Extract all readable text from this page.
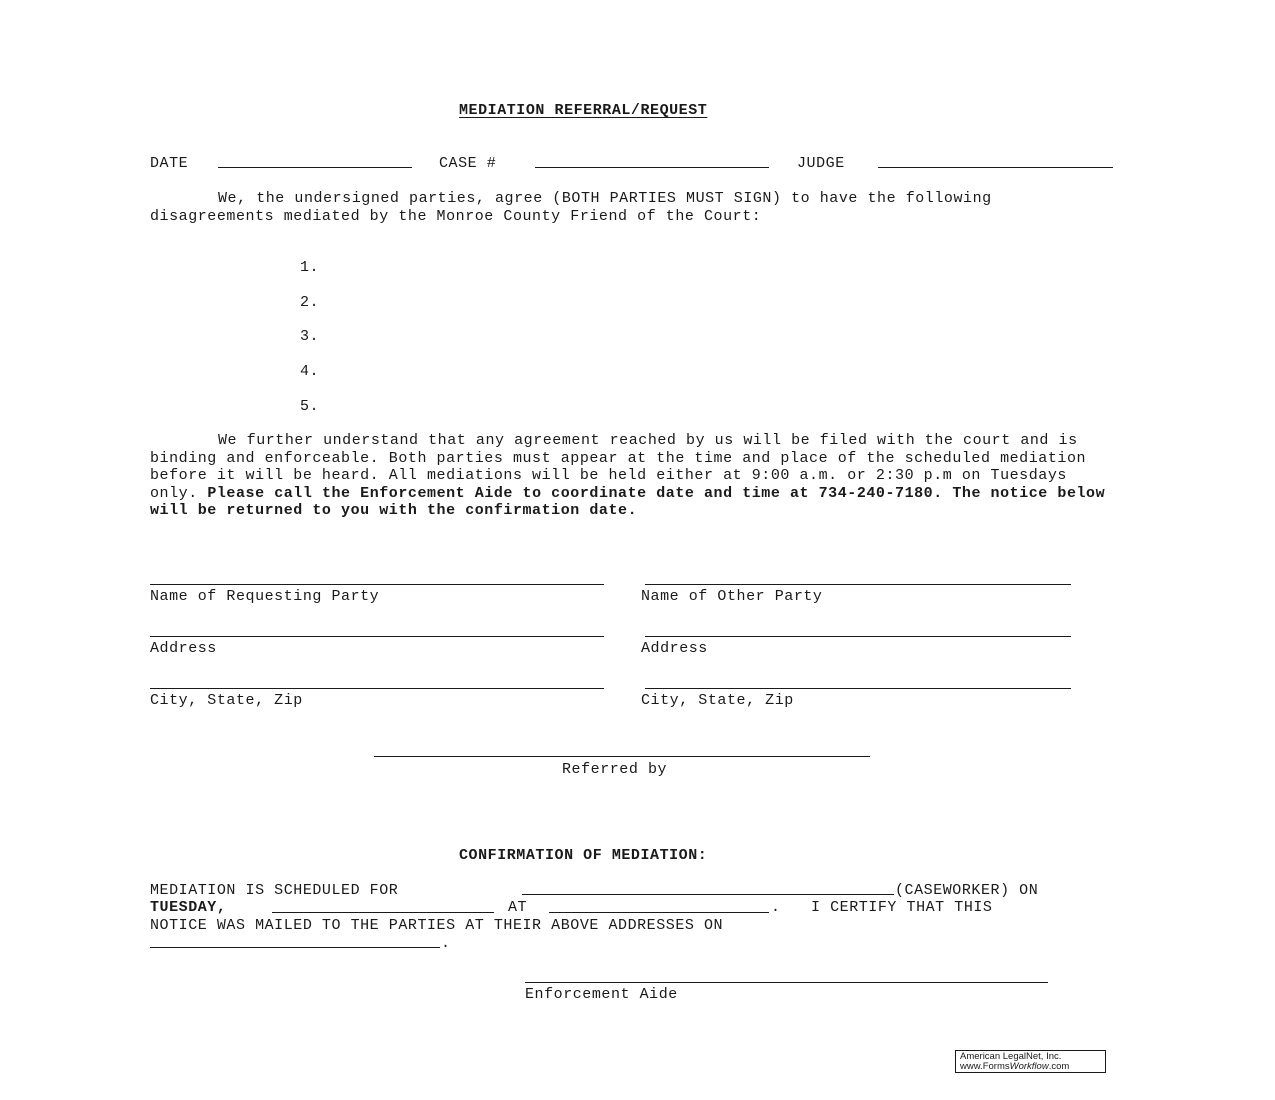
MEDIATION REFERRAL/REQUEST
DATE	CASE #	JUDGE
We, the undersigned parties, agree (BOTH PARTIES MUST SIGN) to have the following disagreements mediated by the Monroe County Friend of the Court:
1.
2.
3.
4.
5.
We further understand that any agreement reached by us will be filed with the court and is binding and enforceable. Both parties must appear at the time and place of the scheduled mediation before it will be heard. All mediations will be held either at 9:00 a.m. or 2:30 p.m on Tuesdays only. Please call the Enforcement Aide to coordinate date and time at 734-240-7180. The notice below will be returned to you with the confirmation date.
Name of Requesting Party	Name of Other Party
Address	Address
City, State, Zip	City, State, Zip
Referred by
CONFIRMATION OF MEDIATION:
MEDIATION IS SCHEDULED FOR	(CASEWORKER) ON
TUESDAY,	AT	. I CERTIFY THAT THIS
NOTICE WAS MAILED TO THE PARTIES AT THEIR ABOVE ADDRESSES ON
.
Enforcement Aide
American LegalNet, Inc.
www.FormsWorkflow.com
